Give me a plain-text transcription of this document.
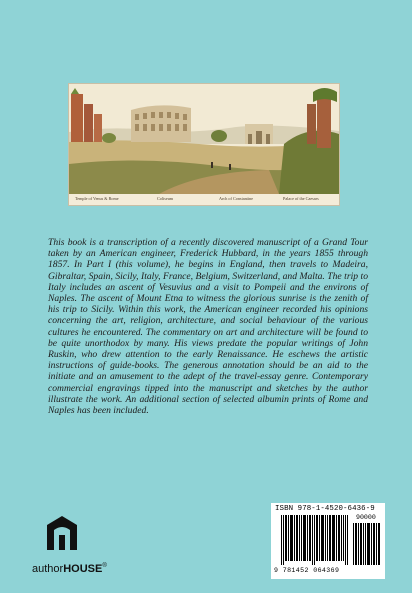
Temple of Venus & Rome	Coliseum	Arch of Constantine	Palace of the Caesars

This book is a transcription of a recently discovered manuscript of a Grand Tour taken by an American engineer, Frederick Hubbard, in the years 1855 through 1857. In Part I (this volume), he begins in England, then travels to Madeira, Gibraltar, Spain, Sicily, Italy, France, Belgium, Switzerland, and Malta. The trip to Italy includes an ascent of Vesuvius and a visit to Pompeii and the environs of Naples. The ascent of Mount Etna to witness the glorious sunrise is the zenith of his trip to Sicily. Within this work, the American engineer recorded his opinions concerning the art, religion, architecture, and social behaviour of the various cultures he encountered. The commentary on art and architecture will be found to be quite unorthodox by many. His views predate the popular writings of John Ruskin, who drew attention to the early Renaissance. He eschews the artistic instructions of guide-books. The generous annotation should be an aid to the initiate and an amusement to the adept of the travel-essay genre. Contemporary commercial engravings tipped into the manuscript and sketches by the author illustrate the work. An additional section of selected albumin prints of Rome and Naples has been included.

authorHOUSE®
ISBN 978-1-4520-6436-9
90000
9 781452 064369
